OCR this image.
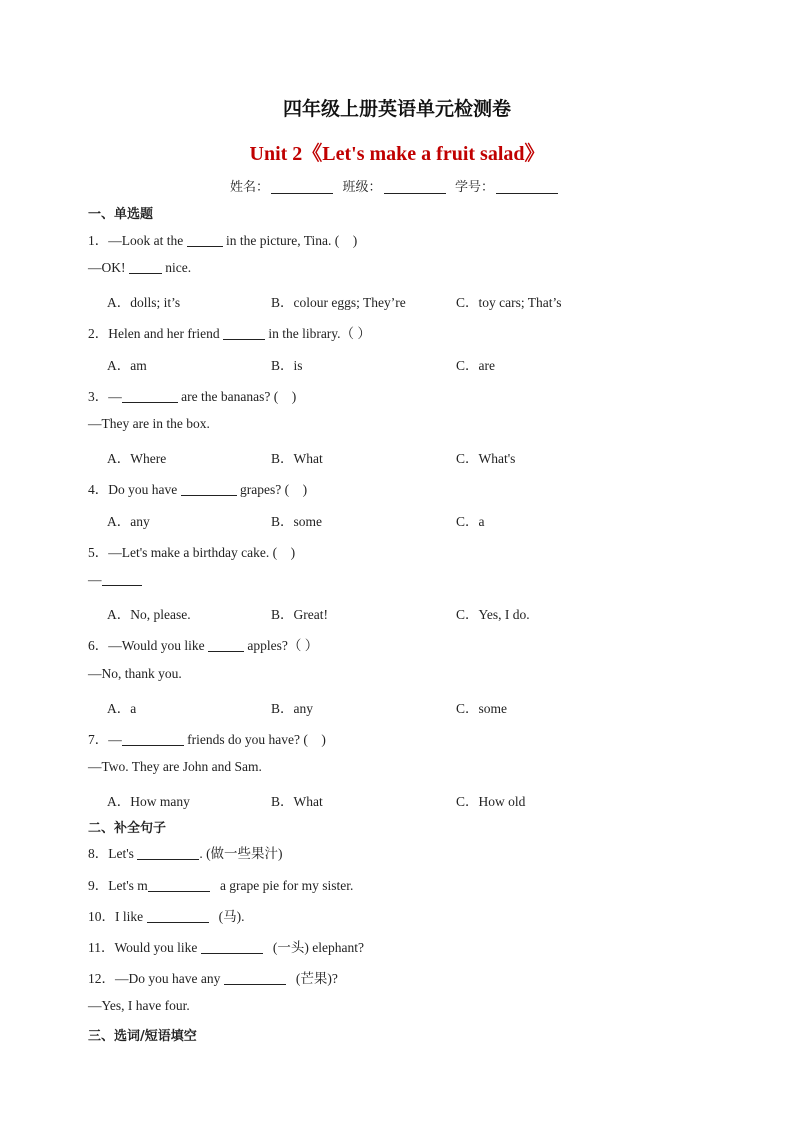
四年级上册英语单元检测卷
Unit 2《Let's make a fruit salad》
姓名：	班级：	学号：
一、单选题
1．—Look at the	in the picture, Tina. (　)
—OK!	nice.
A．dolls; it’s	B．colour eggs; They’re	C．toy cars; That’s
2．Helen and her friend	in the library.（ ）
A．am	B．is	C．are
3．—	are the bananas? (　)
—They are in the box.
A．Where	B．What	C．What's
4．Do you have	grapes? (　)
A．any	B．some	C．a
5．—Let's make a birthday cake. (　)
—
A．No, please.	B．Great!	C．Yes, I do.
6．—Would you like	apples?（ ）
—No, thank you.
A．a	B．any	C．some
7．—	friends do you have? (　)
—Two. They are John and Sam.
A．How many	B．What	C．How old
二、补全句子
8．Let's	. (做一些果汁)
9．Let's m	a grape pie for my sister.
10．I like	(马).
11．Would you like	(一头) elephant?
12．—Do you have any	(芒果)?
—Yes, I have four.
三、选词/短语填空
